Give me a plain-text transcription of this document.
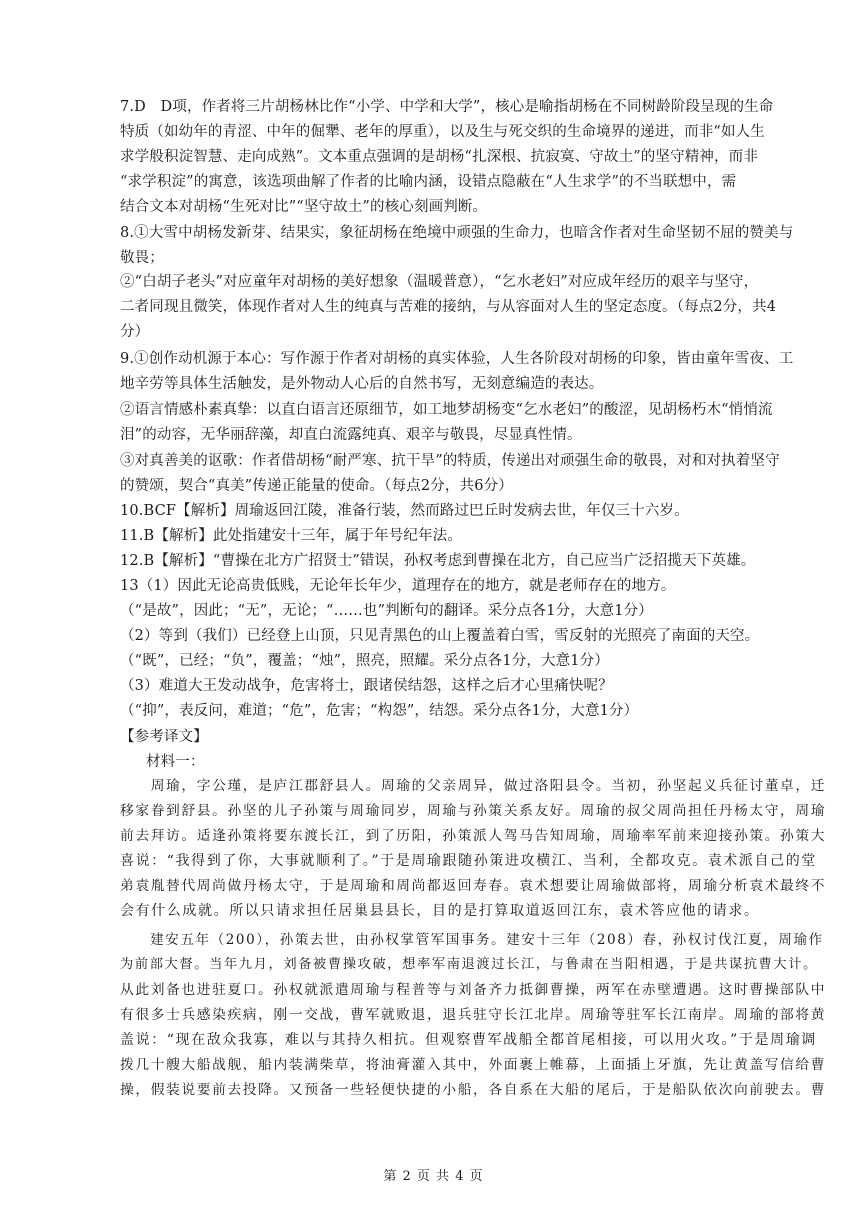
7.D　D项，作者将三片胡杨林比作“小学、中学和大学”，核心是喻指胡杨在不同树龄阶段呈现的生命
特质（如幼年的青涩、中年的倔犟、老年的厚重），以及生与死交织的生命境界的递进，而非“如人生
求学般积淀智慧、走向成熟”。文本重点强调的是胡杨“扎深根、抗寂寞、守故土”的坚守精神，而非
“求学积淀”的寓意，该选项曲解了作者的比喻内涵，设错点隐蔽在“人生求学”的不当联想中，需
结合文本对胡杨“生死对比”“坚守故土”的核心刻画判断。
8.①大雪中胡杨发新芽、结果实，象征胡杨在绝境中顽强的生命力，也暗含作者对生命坚韧不屈的赞美与
敬畏；
②“白胡子老头”对应童年对胡杨的美好想象（温暖普意），“乞水老妇”对应成年经历的艰辛与坚守，
二者同现且微笑，体现作者对人生的纯真与苦难的接纳，与从容面对人生的坚定态度。（每点2分，共4
分）
9.①创作动机源于本心：写作源于作者对胡杨的真实体验，人生各阶段对胡杨的印象，皆由童年雪夜、工
地辛劳等具体生活触发，是外物动人心后的自然书写，无刻意编造的表达。
②语言情感朴素真挚：以直白语言还原细节，如工地梦胡杨变“乞水老妇”的酸涩，见胡杨朽木“悄悄流
泪”的动容，无华丽辞藻，却直白流露纯真、艰辛与敬畏，尽显真性情。
③对真善美的讴歌：作者借胡杨“耐严寒、抗干旱”的特质，传递出对顽强生命的敬畏，对和对执着坚守
的赞颂，契合“真美”传递正能量的使命。（每点2分，共6分）
10.BCF【解析】周瑜返回江陵，准备行装，然而路过巴丘时发病去世，年仅三十六岁。
11.B【解析】此处指建安十三年，属于年号纪年法。
12.B【解析】“曹操在北方广招贤士”错误，孙权考虑到曹操在北方，自己应当广泛招揽天下英雄。
13（1）因此无论高贵低贱，无论年长年少，道理存在的地方，就是老师存在的地方。
（“是故”，因此；“无”，无论；“……也”判断句的翻译。采分点各1分，大意1分）
（2）等到（我们）已经登上山顶，只见青黑色的山上覆盖着白雪，雪反射的光照亮了南面的天空。
（“既”，已经；“负”，覆盖；“烛”，照亮，照耀。采分点各1分，大意1分）
（3）难道大王发动战争，危害将士，跟诸侯结怨，这样之后才心里痛快呢？
（“抑”，表反问，难道；“危”，危害；“构怨”，结怨。采分点各1分，大意1分）
【参考译文】
材料一：
　　周瑜，字公瑾，是庐江郡舒县人。周瑜的父亲周异，做过洛阳县令。当初，孙坚起义兵征讨董卓，迁
移家眷到舒县。孙坚的儿子孙策与周瑜同岁，周瑜与孙策关系友好。周瑜的叔父周尚担任丹杨太守，周瑜
前去拜访。适逢孙策将要东渡长江，到了历阳，孙策派人驾马告知周瑜，周瑜率军前来迎接孙策。孙策大
喜说：“我得到了你，大事就顺利了。”于是周瑜跟随孙策进攻横江、当利，全都攻克。袁术派自己的堂
弟袁胤替代周尚做丹杨太守，于是周瑜和周尚都返回寿春。袁术想要让周瑜做部将，周瑜分析袁术最终不
会有什么成就。所以只请求担任居巢县县长，目的是打算取道返回江东，袁术答应他的请求。
　　建安五年（200），孙策去世，由孙权掌管军国事务。建安十三年（208）春，孙权讨伐江夏，周瑜作
为前部大督。当年九月，刘备被曹操攻破，想率军南退渡过长江，与鲁肃在当阳相遇，于是共谋抗曹大计。
从此刘备也进驻夏口。孙权就派遣周瑜与程普等与刘备齐力抵御曹操，两军在赤壁遭遇。这时曹操部队中
有很多士兵感染疾病，刚一交战，曹军就败退，退兵驻守长江北岸。周瑜等驻军长江南岸。周瑜的部将黄
盖说：“现在敌众我寡，难以与其持久相抗。但观察曹军战船全都首尾相接，可以用火攻。”于是周瑜调
拨几十艘大船战舰，船内装满柴草，将油膏灌入其中，外面裹上帷幕，上面插上牙旗，先让黄盖写信给曹
操，假装说要前去投降。又预备一些轻便快捷的小船，各自系在大船的尾后，于是船队依次向前驶去。曹
第 2 页 共 4 页
